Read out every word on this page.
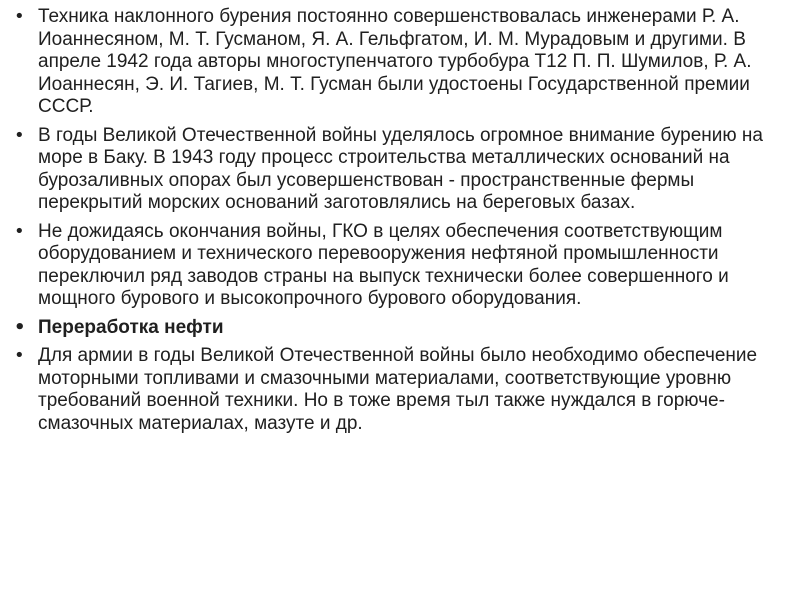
• Техника наклонного бурения постоянно совершенствовалась инженерами Р. А. Иоаннесяном, М. Т. Гусманом, Я. А. Гельфгатом, И. М. Мурадовым и другими. В апреле 1942 года авторы многоступенчатого турбобура Т12 П. П. Шумилов, Р. А. Иоаннесян, Э. И. Тагиев, М. Т. Гусман были удостоены Государственной премии СССР.
• В годы Великой Отечественной войны уделялось огромное внимание бурению на море в Баку. В 1943 году процесс строительства металлических оснований на бурозаливных опорах был усовершенствован - пространственные фермы перекрытий морских оснований заготовлялись на береговых базах.
• Не дожидаясь окончания войны, ГКО в целях обеспечения соответствующим оборудованием и технического перевооружения нефтяной промышленности переключил ряд заводов страны на выпуск технически более совершенного и мощного бурового и высокопрочного бурового оборудования.
• Переработка нефти
• Для армии в годы Великой Отечественной войны было необходимо обеспечение моторными топливами и смазочными материалами, соответствующие уровню требований военной техники. Но в тоже время тыл также нуждался в горюче-смазочных материалах, мазуте и др.
